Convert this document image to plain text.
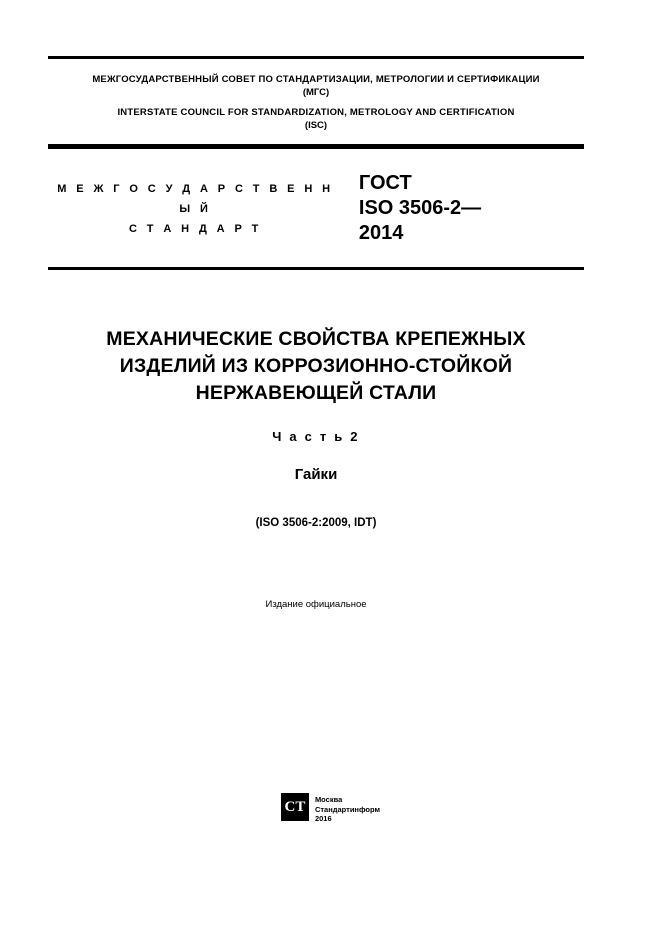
МЕЖГОСУДАРСТВЕННЫЙ СОВЕТ ПО СТАНДАРТИЗАЦИИ, МЕТРОЛОГИИ И СЕРТИФИКАЦИИ
(МГС)
INTERSTATE COUNCIL FOR STANDARDIZATION, METROLOGY AND CERTIFICATION
(ISC)
М Е Ж Г О С У Д А Р С Т В Е Н Н Ы Й
С Т А Н Д А Р Т
ГОСТ
ISO 3506-2—
2014
МЕХАНИЧЕСКИЕ СВОЙСТВА КРЕПЕЖНЫХ
ИЗДЕЛИЙ ИЗ КОРРОЗИОННО-СТОЙКОЙ
НЕРЖАВЕЮЩЕЙ СТАЛИ
Ч а с т ь 2
Гайки
(ISO 3506-2:2009, IDT)
Издание официальное
СТ	Москва
Стандартинформ
2016
